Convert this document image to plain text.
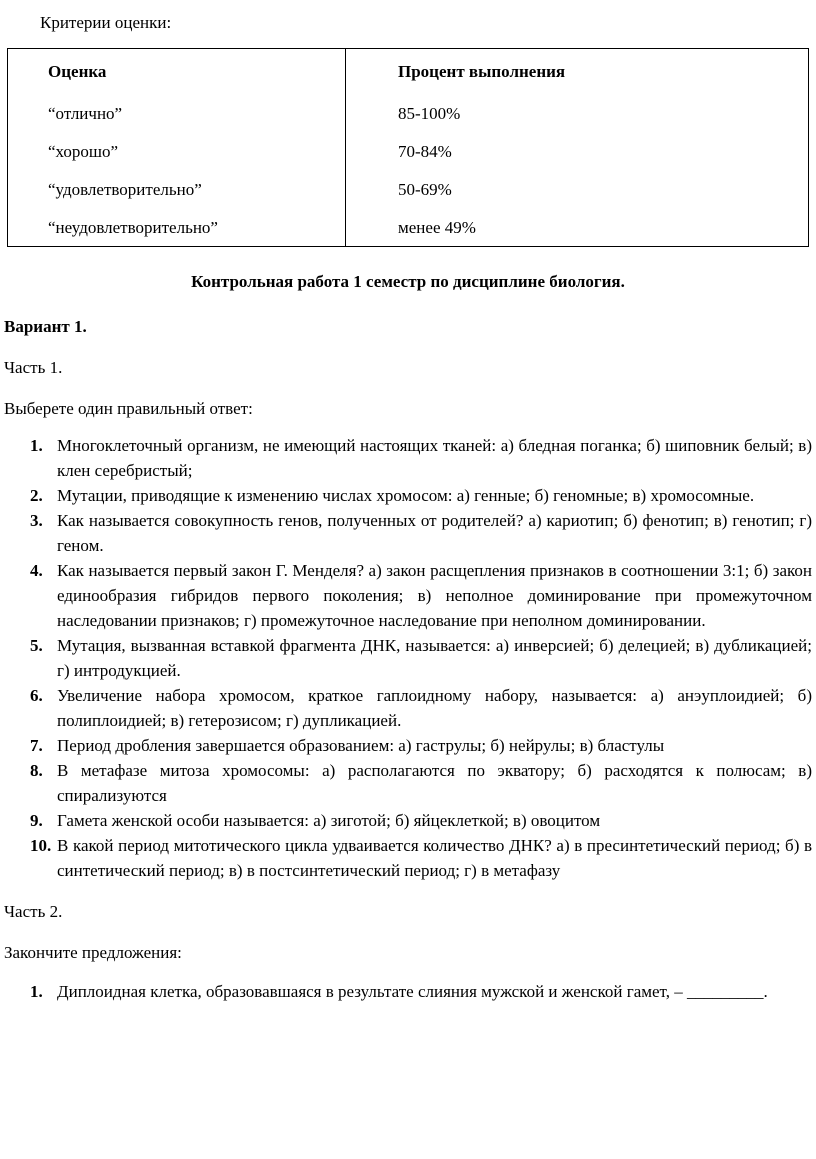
Критерии оценки:
Оценка	Процент выполнения
“отлично”	85-100%
“хорошо”	70-84%
“удовлетворительно”	50-69%
“неудовлетворительно”	менее 49%
Контрольная работа 1 семестр по дисциплине биология.
Вариант 1.
Часть 1.
Выберете один правильный ответ:
1. Многоклеточный организм, не имеющий настоящих тканей: а) бледная поганка; б) шиповник белый; в) клен серебристый;
2. Мутации, приводящие к изменению числах хромосом: а) генные; б) геномные; в) хромосомные.
3. Как называется совокупность генов, полученных от родителей? а) кариотип; б) фенотип; в) генотип; г) геном.
4. Как называется первый закон Г. Менделя? а) закон расщепления признаков в соотношении 3:1; б) закон единообразия гибридов первого поколения; в) неполное доминирование при промежуточном наследовании признаков; г) промежуточное наследование при неполном доминировании.
5. Мутация, вызванная вставкой фрагмента ДНК, называется: а) инверсией; б) делецией; в) дубликацией; г) интродукцией.
6. Увеличение набора хромосом, краткое гаплоидному набору, называется: а) анэуплоидией; б) полиплоидией; в) гетерозисом; г) дупликацией.
7. Период дробления завершается образованием: а) гаструлы; б) нейрулы; в) бластулы
8. В метафазе митоза хромосомы: а) располагаются по экватору; б) расходятся к полюсам; в) спирализуются
9. Гамета женской особи называется: а) зиготой; б) яйцеклеткой; в) овоцитом
10. В какой период митотического цикла удваивается количество ДНК? а) в пресинтетический период; б) в синтетический период; в) в постсинтетический период; г) в метафазу
Часть 2.
Закончите предложения:
1. Диплоидная клетка, образовавшаяся в результате слияния мужской и женской гамет, – _________.
